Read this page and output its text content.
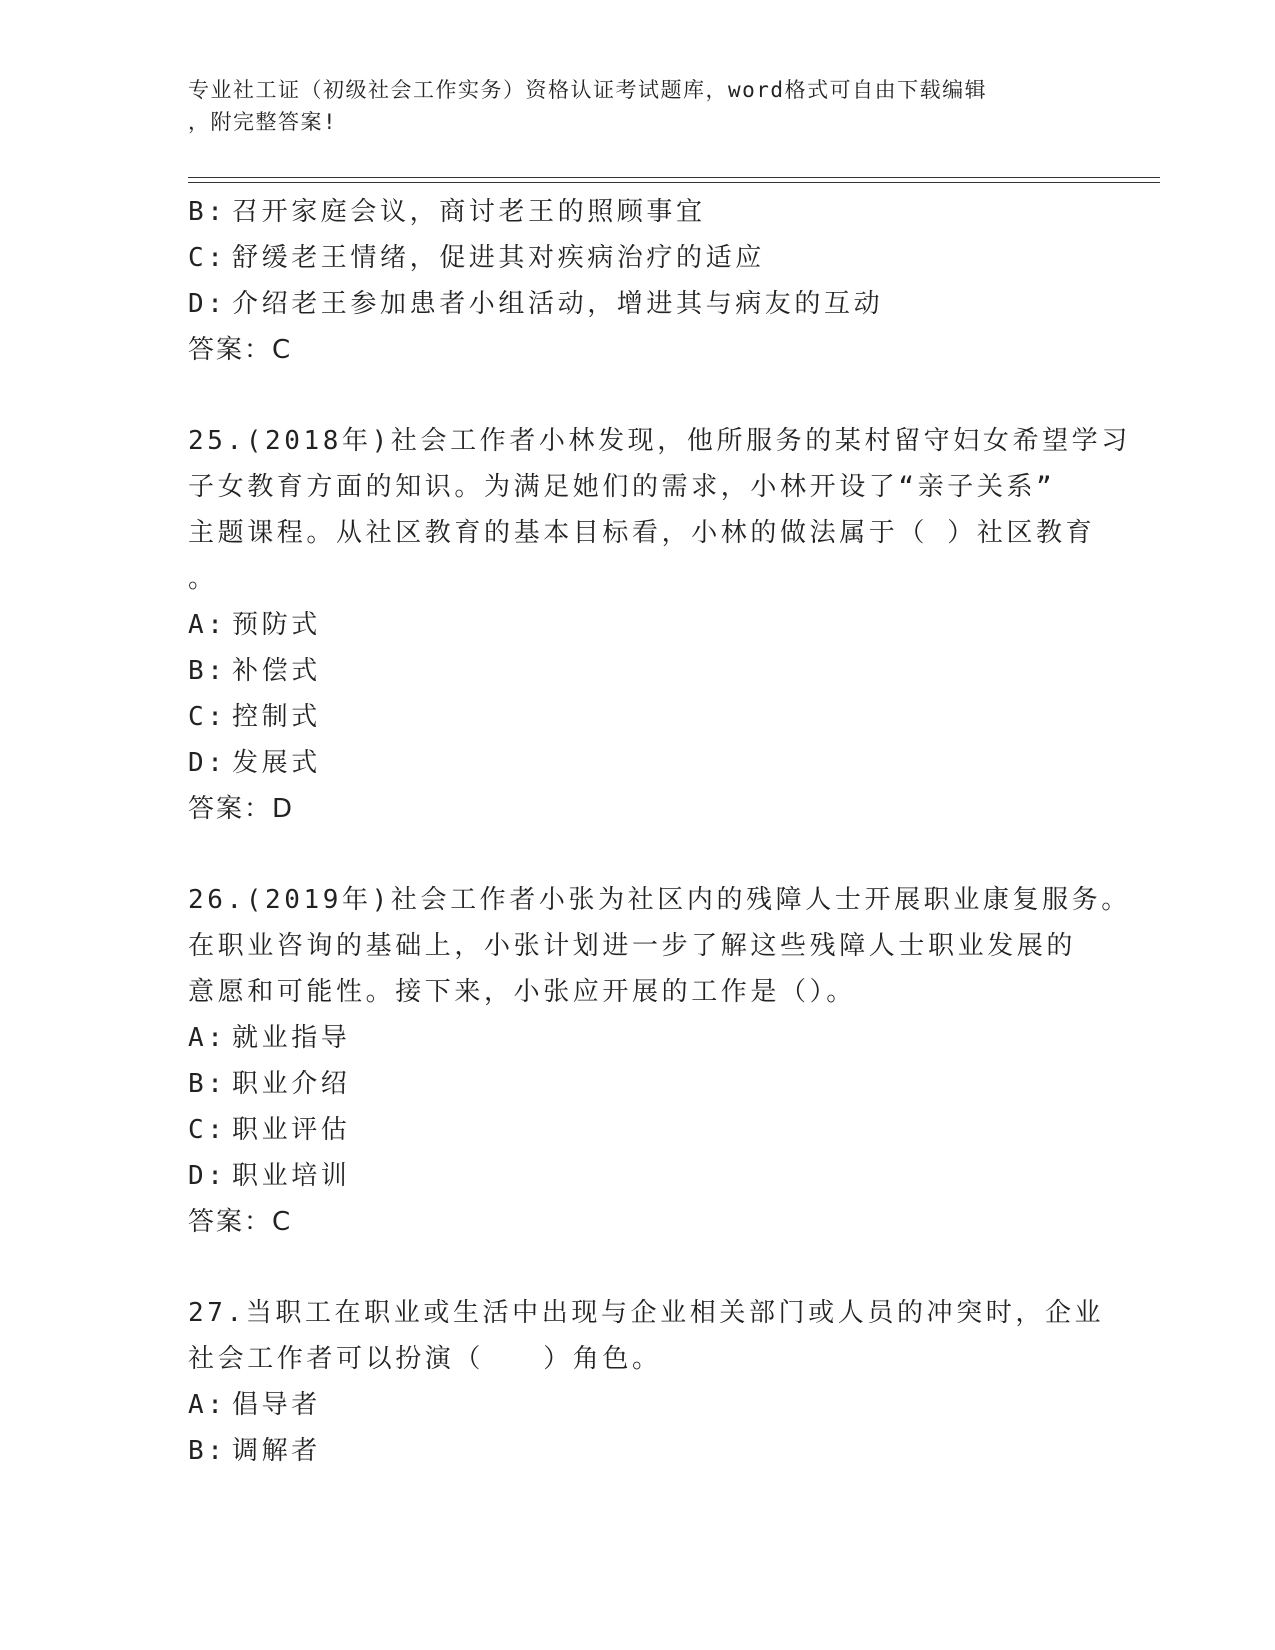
专业社工证（初级社会工作实务）资格认证考试题库，word格式可自由下载编辑
，附完整答案!
B: 召开家庭会议，商讨老王的照顾事宜
C: 舒缓老王情绪，促进其对疾病治疗的适应
D: 介绍老王参加患者小组活动，增进其与病友的互动
答案：C
25.(2018年)社会工作者小林发现，他所服务的某村留守妇女希望学习
子女教育方面的知识。为满足她们的需求，小林开设了“亲子关系”
主题课程。从社区教育的基本目标看，小林的做法属于（ ）社区教育
。
A: 预防式
B: 补偿式
C: 控制式
D: 发展式
答案：D
26.(2019年)社会工作者小张为社区内的残障人士开展职业康复服务。
在职业咨询的基础上，小张计划进一步了解这些残障人士职业发展的
意愿和可能性。接下来，小张应开展的工作是（）。
A: 就业指导
B: 职业介绍
C: 职业评估
D: 职业培训
答案：C
27.当职工在职业或生活中出现与企业相关部门或人员的冲突时，企业
社会工作者可以扮演（　　）角色。
A: 倡导者
B: 调解者
